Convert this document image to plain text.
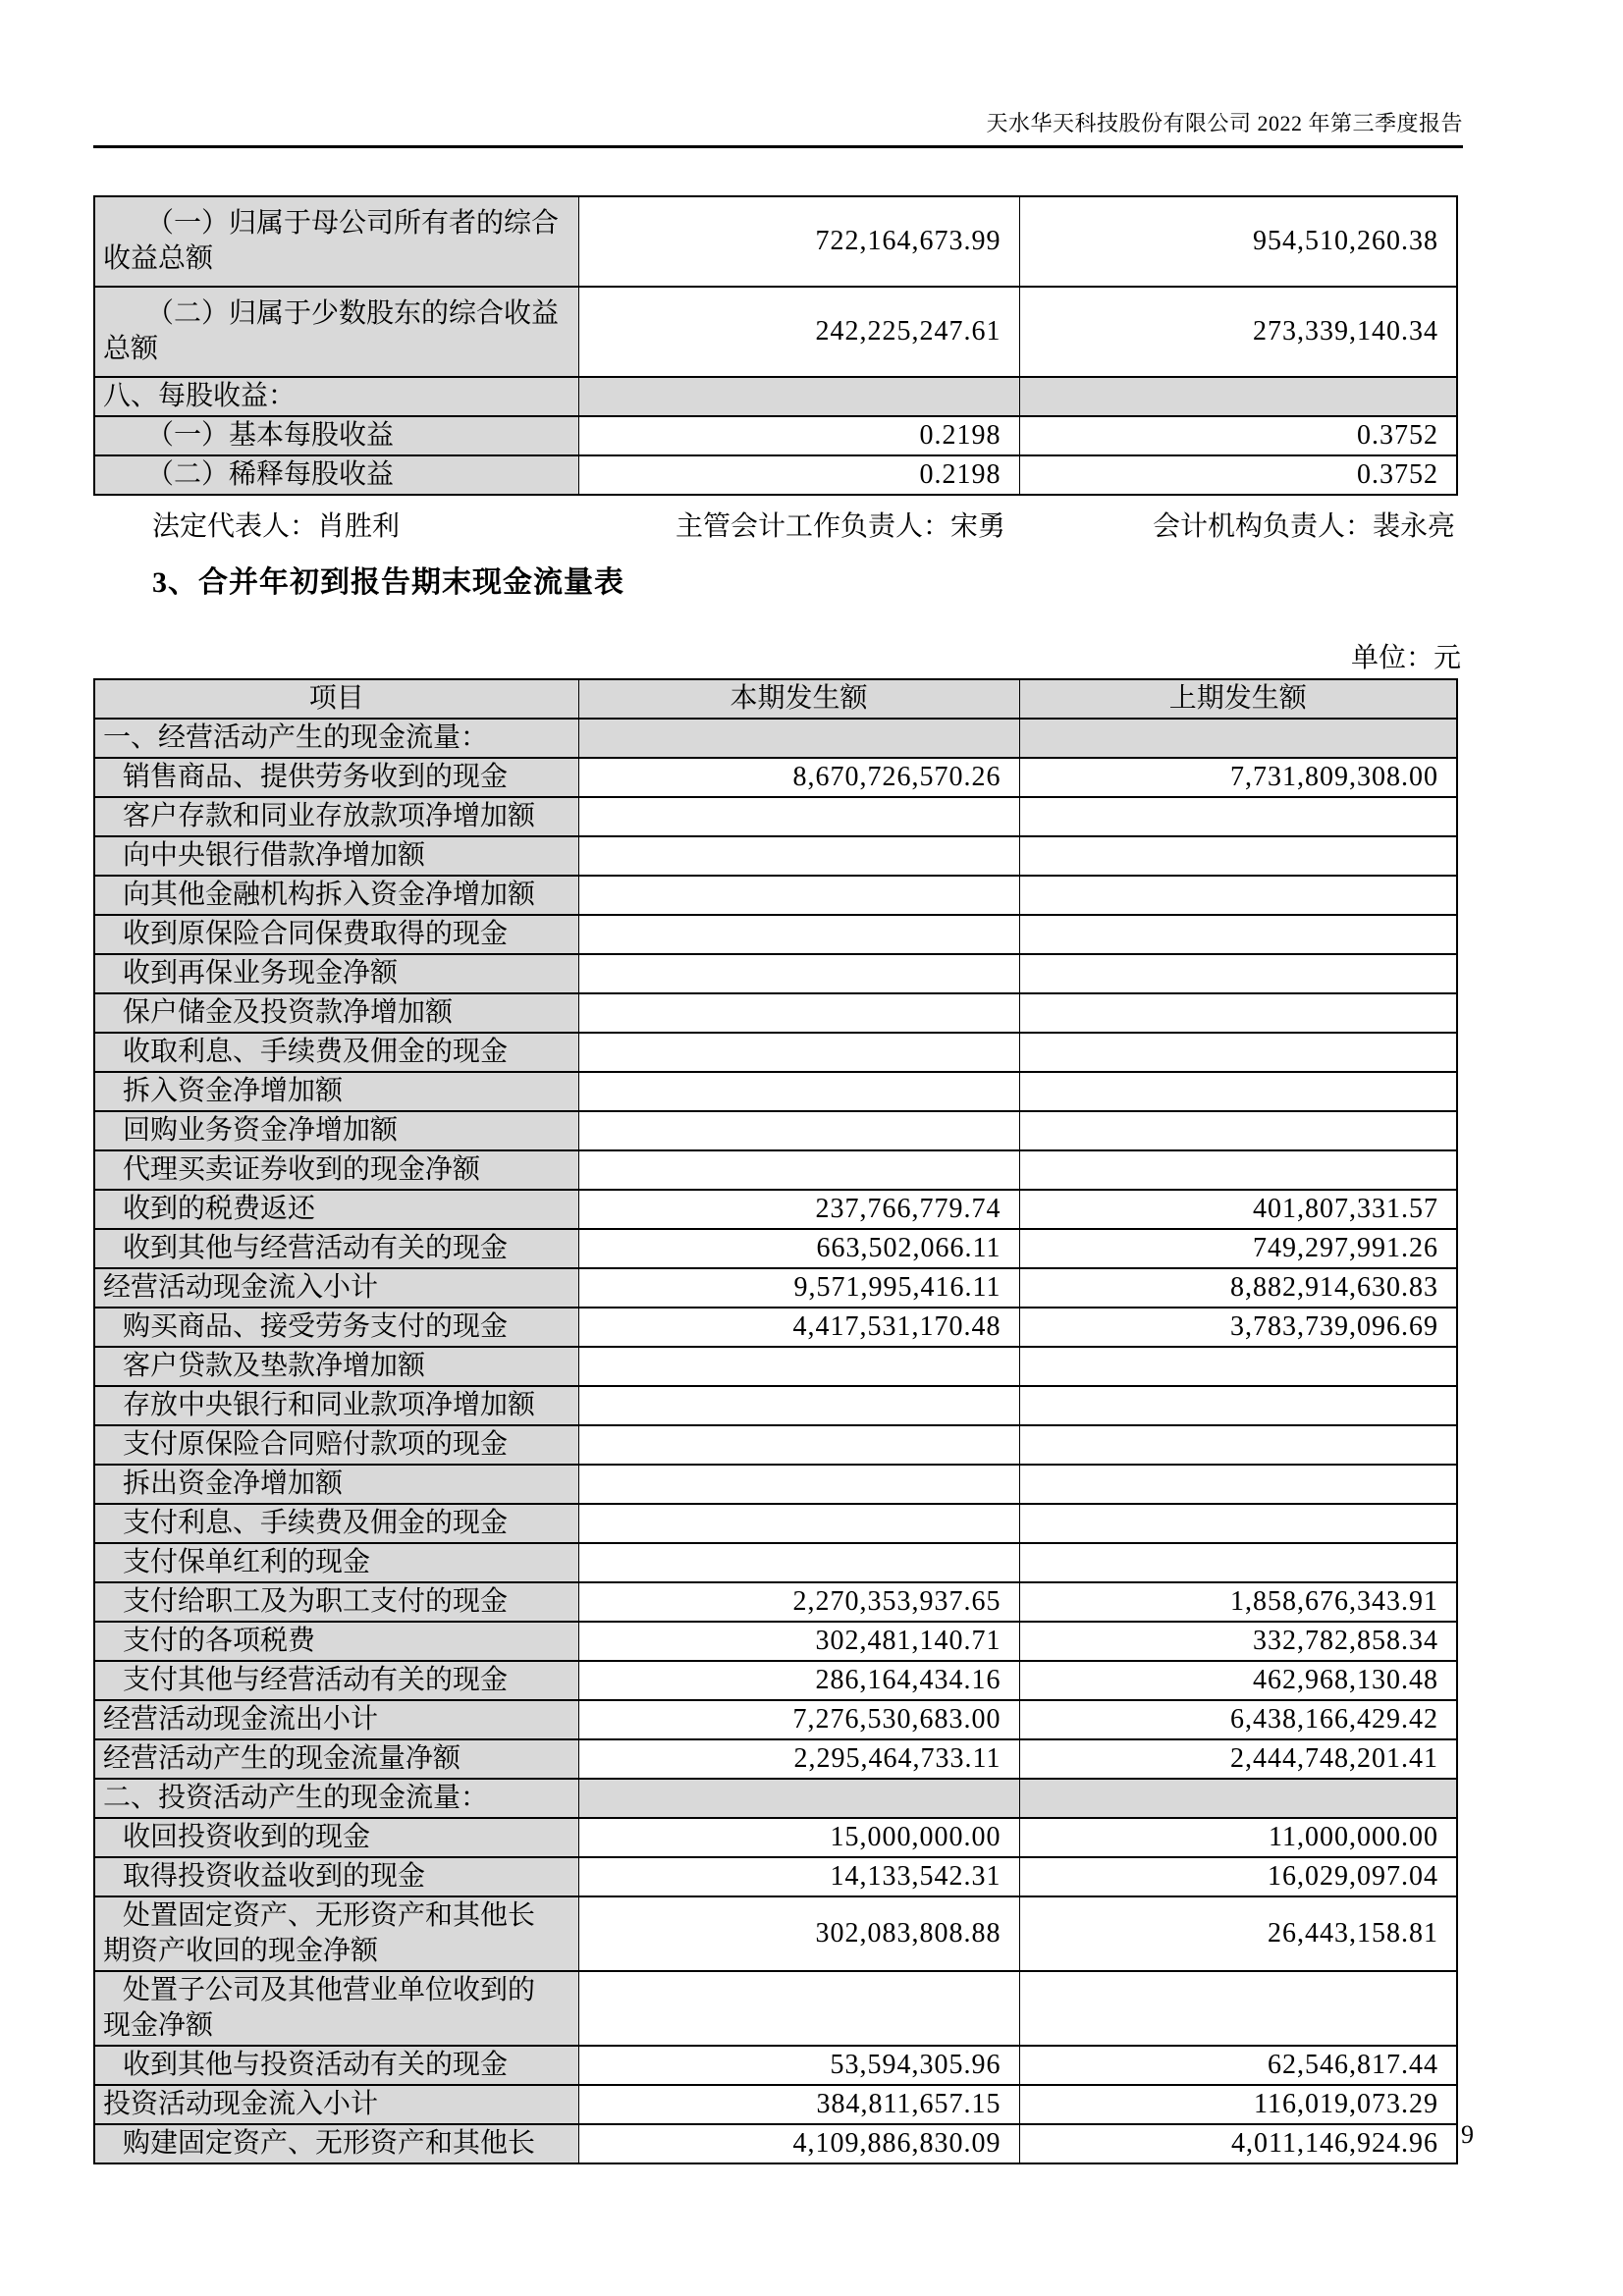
天水华天科技股份有限公司 2022 年第三季度报告
（一）归属于母公司所有者的综合收益总额	722,164,673.99	954,510,260.38
（二）归属于少数股东的综合收益总额	242,225,247.61	273,339,140.34
八、每股收益：		
（一）基本每股收益	0.2198	0.3752
（二）稀释每股收益	0.2198	0.3752
法定代表人：肖胜利	主管会计工作负责人：宋勇	会计机构负责人：裴永亮
3、合并年初到报告期末现金流量表
单位：元
项目	本期发生额	上期发生额
一、经营活动产生的现金流量：		
销售商品、提供劳务收到的现金	8,670,726,570.26	7,731,809,308.00
客户存款和同业存放款项净增加额		
向中央银行借款净增加额		
向其他金融机构拆入资金净增加额		
收到原保险合同保费取得的现金		
收到再保业务现金净额		
保户储金及投资款净增加额		
收取利息、手续费及佣金的现金		
拆入资金净增加额		
回购业务资金净增加额		
代理买卖证券收到的现金净额		
收到的税费返还	237,766,779.74	401,807,331.57
收到其他与经营活动有关的现金	663,502,066.11	749,297,991.26
经营活动现金流入小计	9,571,995,416.11	8,882,914,630.83
购买商品、接受劳务支付的现金	4,417,531,170.48	3,783,739,096.69
客户贷款及垫款净增加额		
存放中央银行和同业款项净增加额		
支付原保险合同赔付款项的现金		
拆出资金净增加额		
支付利息、手续费及佣金的现金		
支付保单红利的现金		
支付给职工及为职工支付的现金	2,270,353,937.65	1,858,676,343.91
支付的各项税费	302,481,140.71	332,782,858.34
支付其他与经营活动有关的现金	286,164,434.16	462,968,130.48
经营活动现金流出小计	7,276,530,683.00	6,438,166,429.42
经营活动产生的现金流量净额	2,295,464,733.11	2,444,748,201.41
二、投资活动产生的现金流量：		
收回投资收到的现金	15,000,000.00	11,000,000.00
取得投资收益收到的现金	14,133,542.31	16,029,097.04
处置固定资产、无形资产和其他长期资产收回的现金净额	302,083,808.88	26,443,158.81
处置子公司及其他营业单位收到的现金净额		
收到其他与投资活动有关的现金	53,594,305.96	62,546,817.44
投资活动现金流入小计	384,811,657.15	116,019,073.29
购建固定资产、无形资产和其他长	4,109,886,830.09	4,011,146,924.96 9
